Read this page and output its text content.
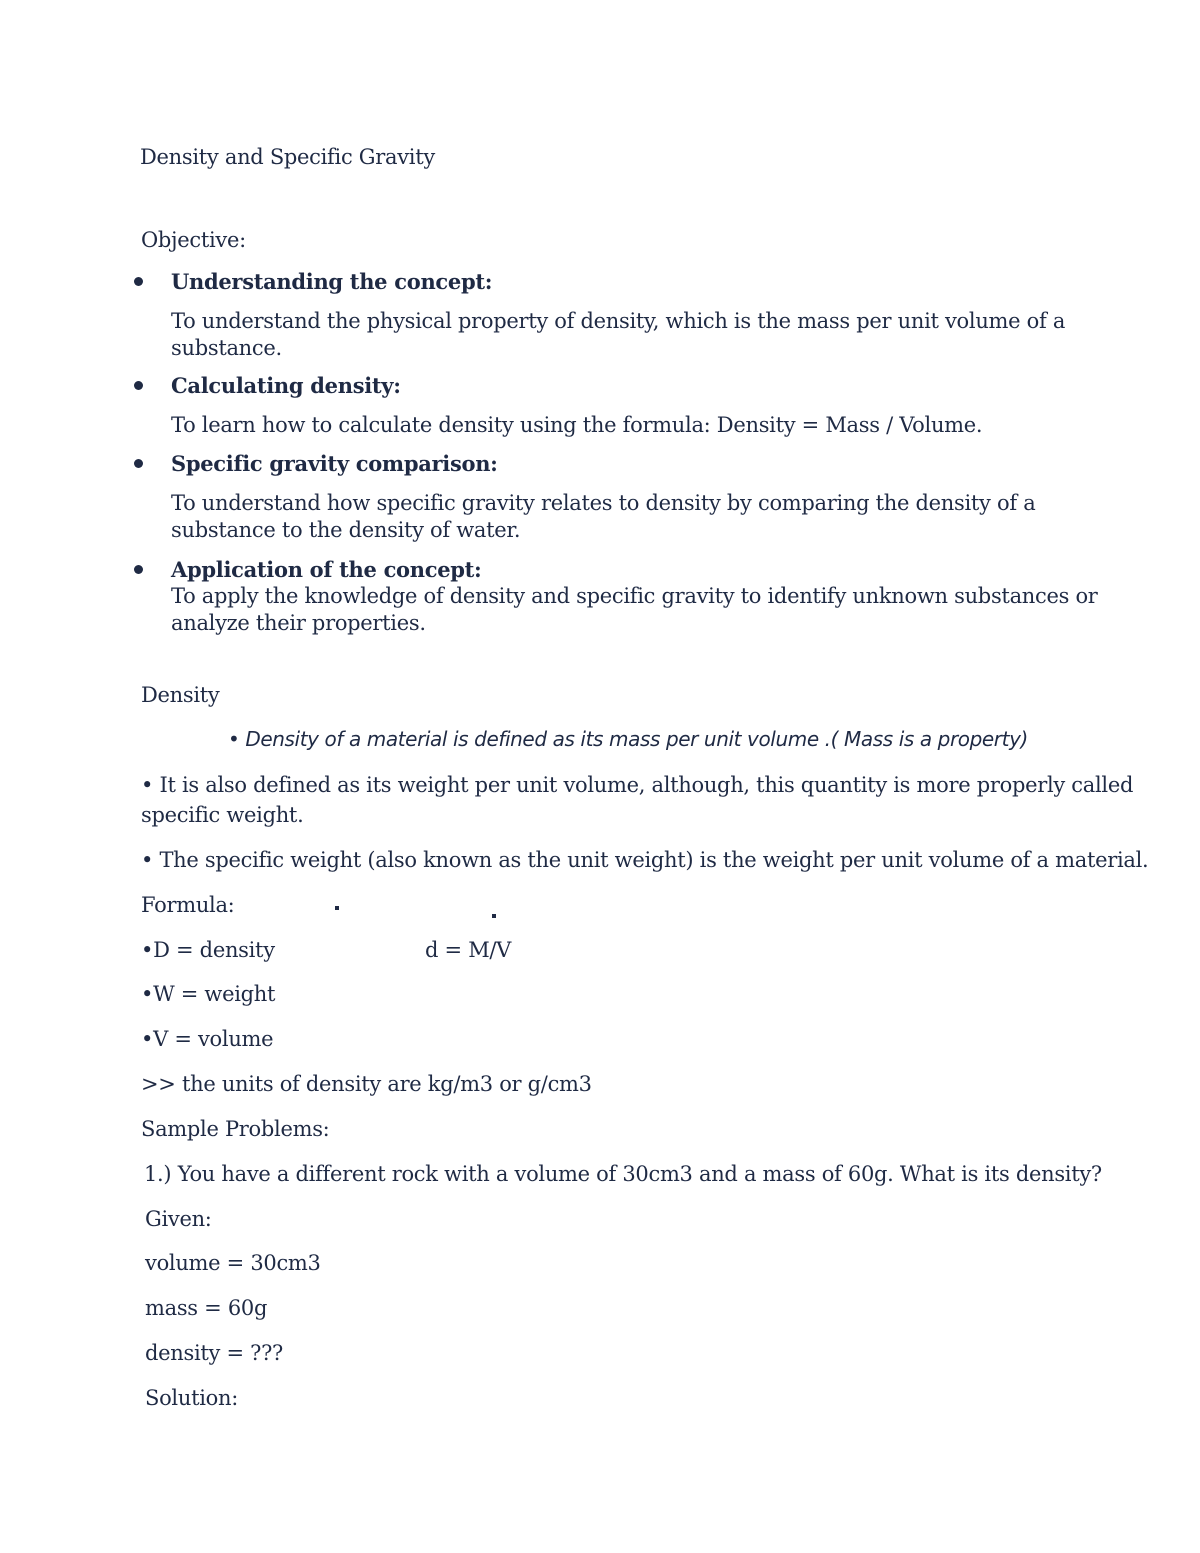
Density and Specific Gravity
Objective:
Understanding the concept:
To understand the physical property of density, which is the mass per unit volume of a
substance.
Calculating density:
To learn how to calculate density using the formula: Density = Mass / Volume.
Specific gravity comparison:
To understand how specific gravity relates to density by comparing the density of a
substance to the density of water.
Application of the concept:
To apply the knowledge of density and specific gravity to identify unknown substances or
analyze their properties.
Density
• Density of a material is defined as its mass per unit volume .( Mass is a property)
• It is also defined as its weight per unit volume, although, this quantity is more properly called
specific weight.
• The specific weight (also known as the unit weight) is the weight per unit volume of a material.
Formula:
•D = density	d = M/V
•W = weight
•V = volume
>> the units of density are kg/m3 or g/cm3
Sample Problems:
1.) You have a different rock with a volume of 30cm3 and a mass of 60g. What is its density?
Given:
volume = 30cm3
mass = 60g
density = ???
Solution:
